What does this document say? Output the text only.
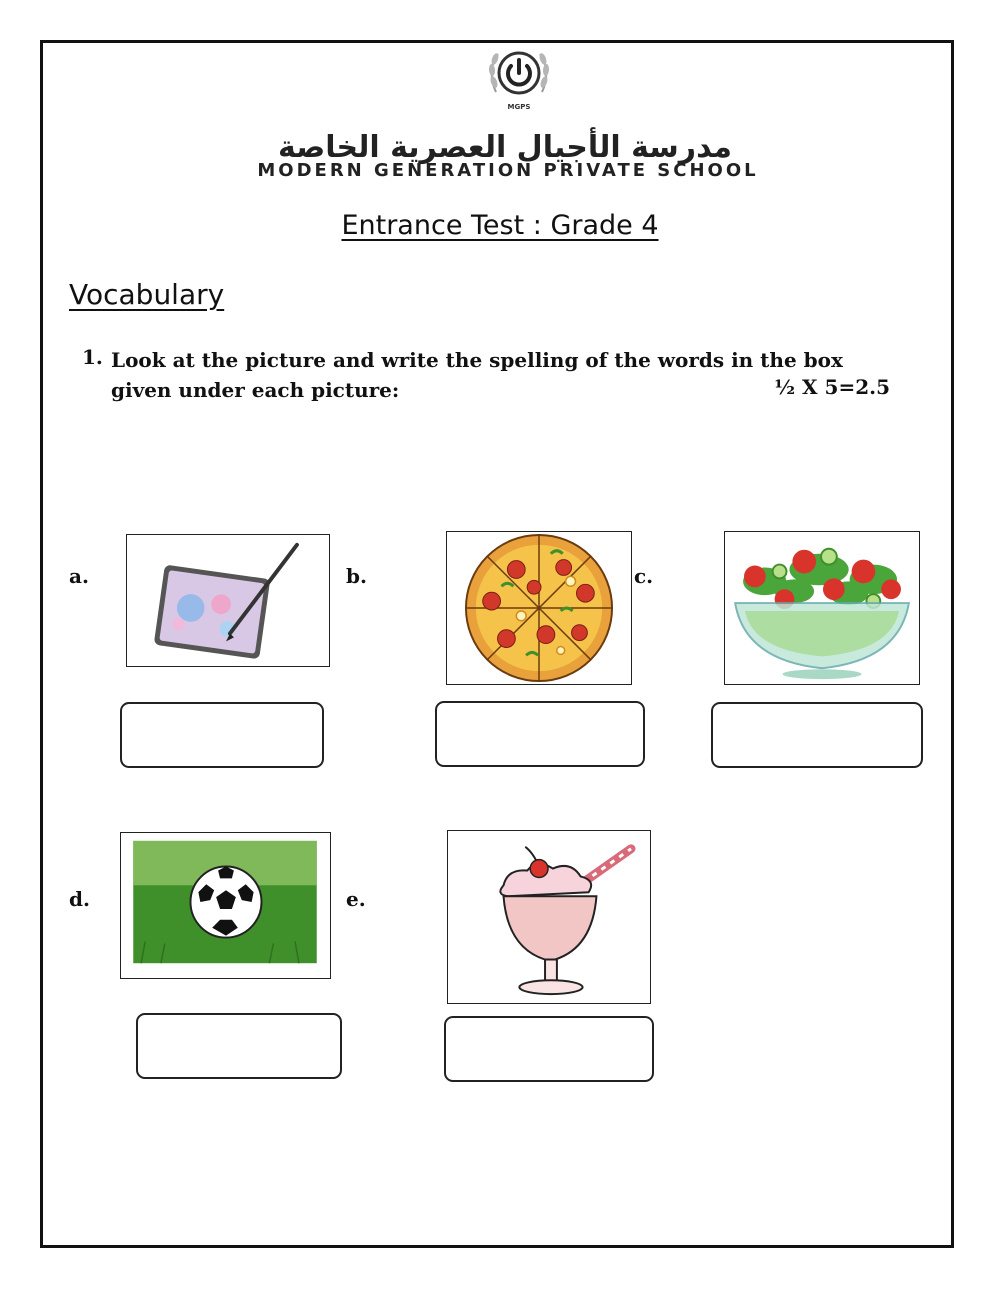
MGPS
مدرسة الأجيال العصرية الخاصة
MODERN GENERATION PRIVATE SCHOOL
Entrance Test : Grade 4
Vocabulary
1. Look at the picture and write the spelling of the words in the box given under each picture:	½ X 5=2.5
a.	b.	c.
d.	e.
